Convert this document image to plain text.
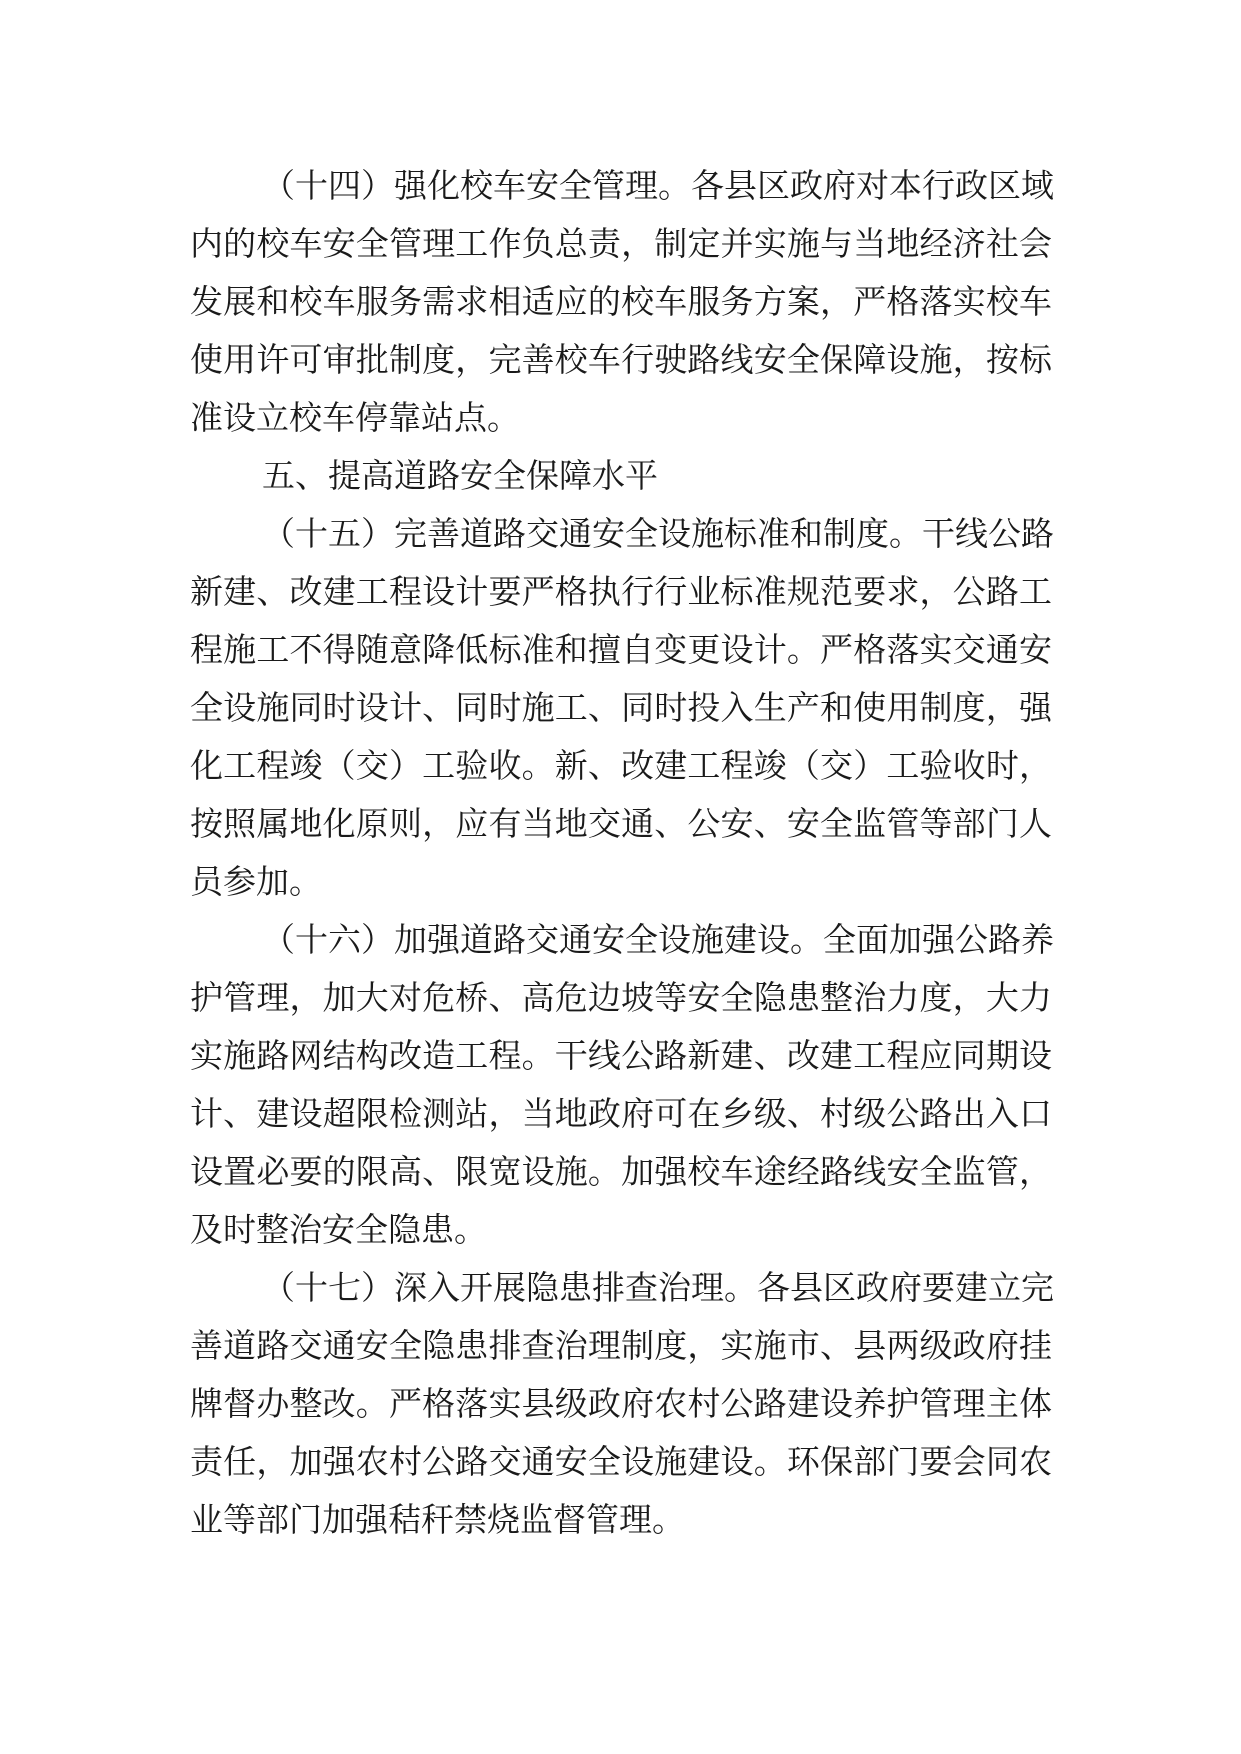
（十四）强化校车安全管理。各县区政府对本行政区域
内的校车安全管理工作负总责，制定并实施与当地经济社会
发展和校车服务需求相适应的校车服务方案，严格落实校车
使用许可审批制度，完善校车行驶路线安全保障设施，按标
准设立校车停靠站点。
五、提高道路安全保障水平
（十五）完善道路交通安全设施标准和制度。干线公路
新建、改建工程设计要严格执行行业标准规范要求，公路工
程施工不得随意降低标准和擅自变更设计。严格落实交通安
全设施同时设计、同时施工、同时投入生产和使用制度，强
化工程竣（交）工验收。新、改建工程竣（交）工验收时，
按照属地化原则，应有当地交通、公安、安全监管等部门人
员参加。
（十六）加强道路交通安全设施建设。全面加强公路养
护管理，加大对危桥、高危边坡等安全隐患整治力度，大力
实施路网结构改造工程。干线公路新建、改建工程应同期设
计、建设超限检测站，当地政府可在乡级、村级公路出入口
设置必要的限高、限宽设施。加强校车途经路线安全监管，
及时整治安全隐患。
（十七）深入开展隐患排查治理。各县区政府要建立完
善道路交通安全隐患排查治理制度，实施市、县两级政府挂
牌督办整改。严格落实县级政府农村公路建设养护管理主体
责任，加强农村公路交通安全设施建设。环保部门要会同农
业等部门加强秸秆禁烧监督管理。
